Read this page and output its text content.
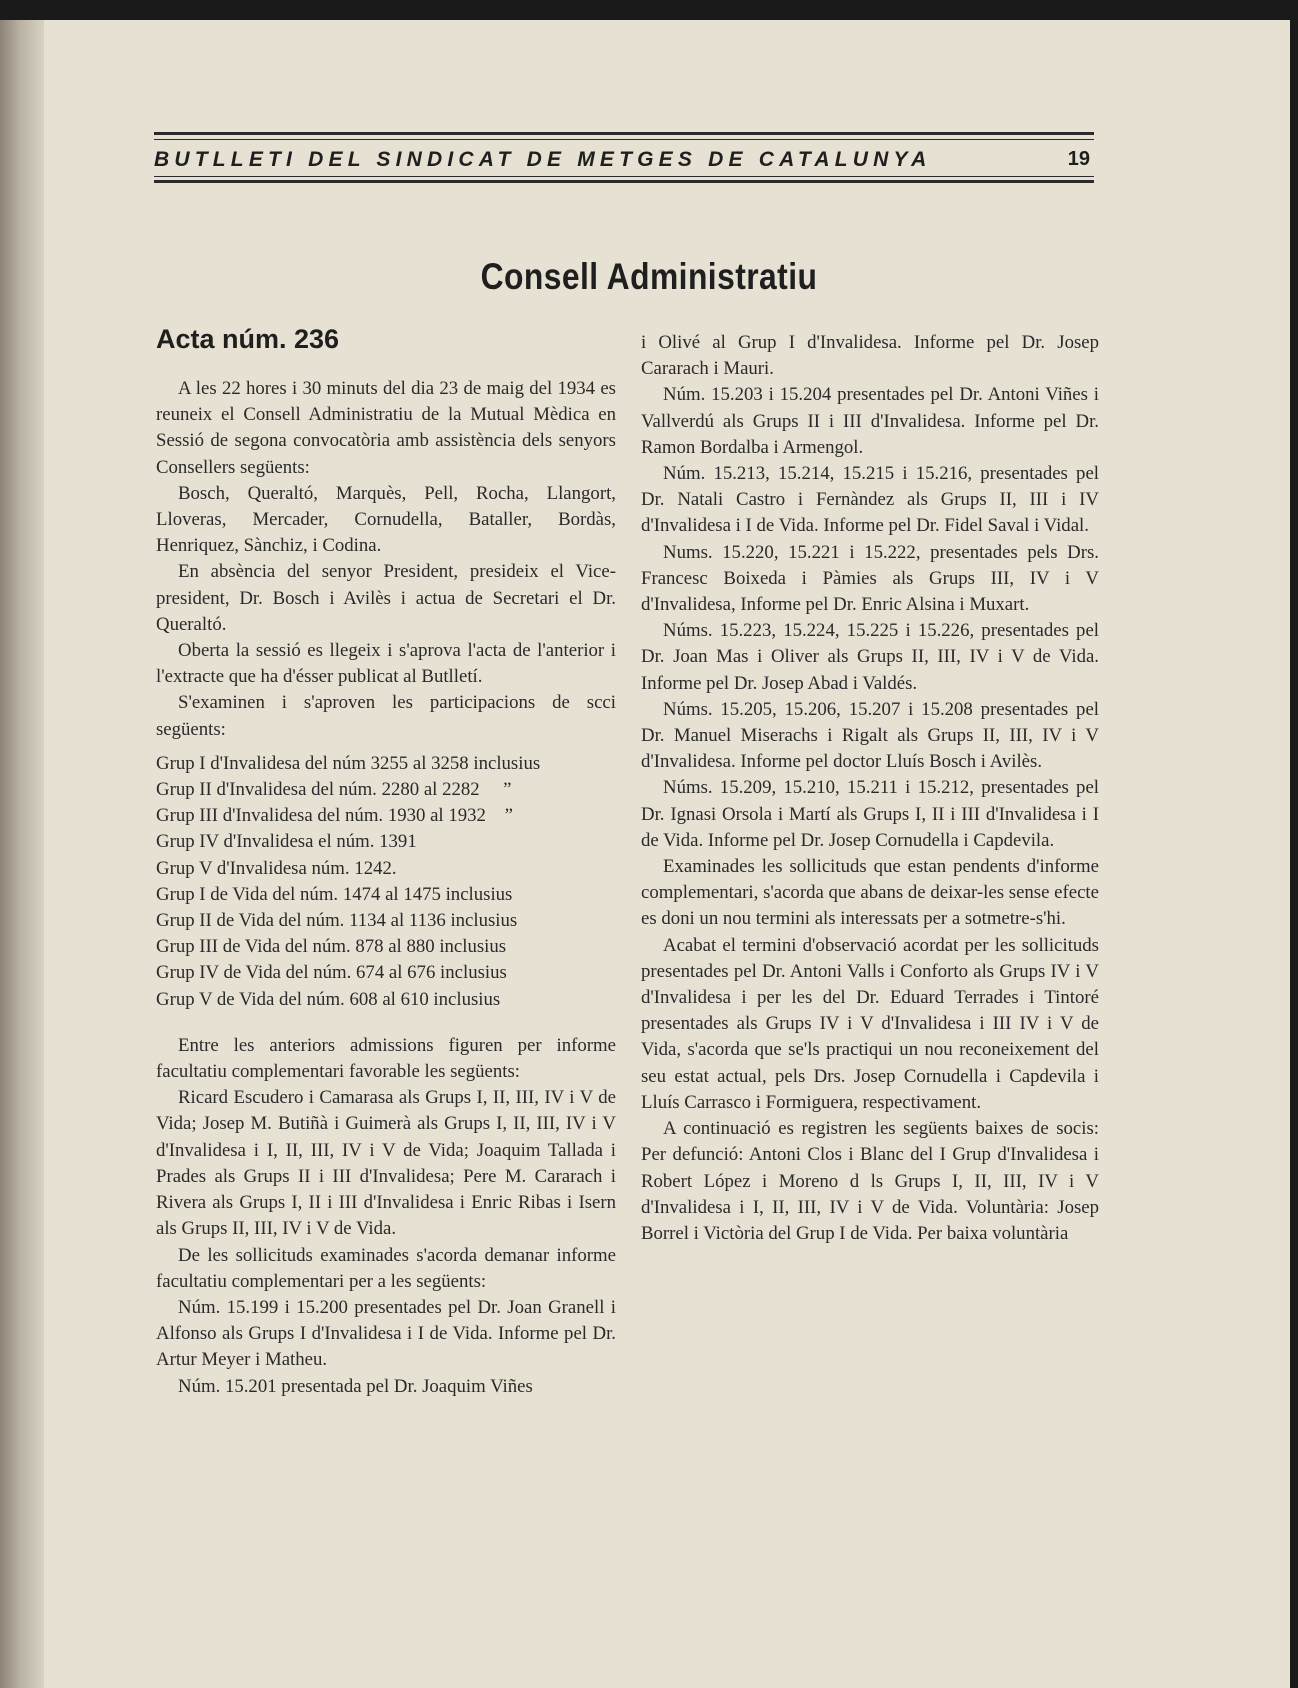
BUTLLETI DEL SINDICAT DE METGES DE CATALUNYA	19
Consell Administratiu
Acta núm. 236

A les 22 hores i 30 minuts del dia 23 de maig del 1934 es reuneix el Consell Administratiu de la Mutual Mèdica en Sessió de segona convocatòria amb assistència dels senyors Consellers següents:

Bosch, Queraltó, Marquès, Pell, Rocha, Llangort, Lloveras, Mercader, Cornudella, Bataller, Bordàs, Henriquez, Sànchiz, i Codina.

En absència del senyor President, presideix el Vice-president, Dr. Bosch i Avilès i actua de Secretari el Dr. Queraltó.

Oberta la sessió es llegeix i s'aprova l'acta de l'anterior i l'extracte que ha d'ésser publicat al Butlletí.

S'examinen i s'aproven les participacions de scci següents:

Grup I d'Invalidesa del núm 3255 al 3258 inclusius
Grup II d'Invalidesa del núm. 2280 al 2282     ”
Grup III d'Invalidesa del núm. 1930 al 1932    ”
Grup IV d'Invalidesa el núm. 1391
Grup V d'Invalidesa núm. 1242.
Grup I de Vida del núm. 1474 al 1475 inclusius
Grup II de Vida del núm. 1134 al 1136 inclusius
Grup III de Vida del núm. 878 al 880 inclusius
Grup IV de Vida del núm. 674 al 676 inclusius
Grup V de Vida del núm. 608 al 610 inclusius

Entre les anteriors admissions figuren per informe facultatiu complementari favorable les següents:

Ricard Escudero i Camarasa als Grups I, II, III, IV i V de Vida; Josep M. Butiñà i Guimerà als Grups I, II, III, IV i V d'Invalidesa i I, II, III, IV i V de Vida; Joaquim Tallada i Prades als Grups II i III d'Invalidesa; Pere M. Cararach i Rivera als Grups I, II i III d'Invalidesa i Enric Ribas i Isern als Grups II, III, IV i V de Vida.

De les sollicituds examinades s'acorda demanar informe facultatiu complementari per a les següents:

Núm. 15.199 i 15.200 presentades pel Dr. Joan Granell i Alfonso als Grups I d'Invalidesa i I de Vida. Informe pel Dr. Artur Meyer i Matheu.

Núm. 15.201 presentada pel Dr. Joaquim Viñes

i Olivé al Grup I d'Invalidesa. Informe pel Dr. Josep Cararach i Mauri.

Núm. 15.203 i 15.204 presentades pel Dr. Antoni Viñes i Vallverdú als Grups II i III d'Invalidesa. Informe pel Dr. Ramon Bordalba i Armengol.

Núm. 15.213, 15.214, 15.215 i 15.216, presentades pel Dr. Natali Castro i Fernàndez als Grups II, III i IV d'Invalidesa i I de Vida. Informe pel Dr. Fidel Saval i Vidal.

Nums. 15.220, 15.221 i 15.222, presentades pels Drs. Francesc Boixeda i Pàmies als Grups III, IV i V d'Invalidesa, Informe pel Dr. Enric Alsina i Muxart.

Núms. 15.223, 15.224, 15.225 i 15.226, presentades pel Dr. Joan Mas i Oliver als Grups II, III, IV i V de Vida. Informe pel Dr. Josep Abad i Valdés.

Núms. 15.205, 15.206, 15.207 i 15.208 presentades pel Dr. Manuel Miserachs i Rigalt als Grups II, III, IV i V d'Invalidesa. Informe pel doctor Lluís Bosch i Avilès.

Núms. 15.209, 15.210, 15.211 i 15.212, presentades pel Dr. Ignasi Orsola i Martí als Grups I, II i III d'Invalidesa i I de Vida. Informe pel Dr. Josep Cornudella i Capdevila.

Examinades les sollicituds que estan pendents d'informe complementari, s'acorda que abans de deixar-les sense efecte es doni un nou termini als interessats per a sotmetre-s'hi.

Acabat el termini d'observació acordat per les sollicituds presentades pel Dr. Antoni Valls i Conforto als Grups IV i V d'Invalidesa i per les del Dr. Eduard Terrades i Tintoré presentades als Grups IV i V d'Invalidesa i III IV i V de Vida, s'acorda que se'ls practiqui un nou reconeixement del seu estat actual, pels Drs. Josep Cornudella i Capdevila i Lluís Carrasco i Formiguera, respectivament.

A continuació es registren les següents baixes de socis: Per defunció: Antoni Clos i Blanc del I Grup d'Invalidesa i Robert López i Moreno d ls Grups I, II, III, IV i V d'Invalidesa i I, II, III, IV i V de Vida. Voluntària: Josep Borrel i Victòria del Grup I de Vida. Per baixa voluntària
